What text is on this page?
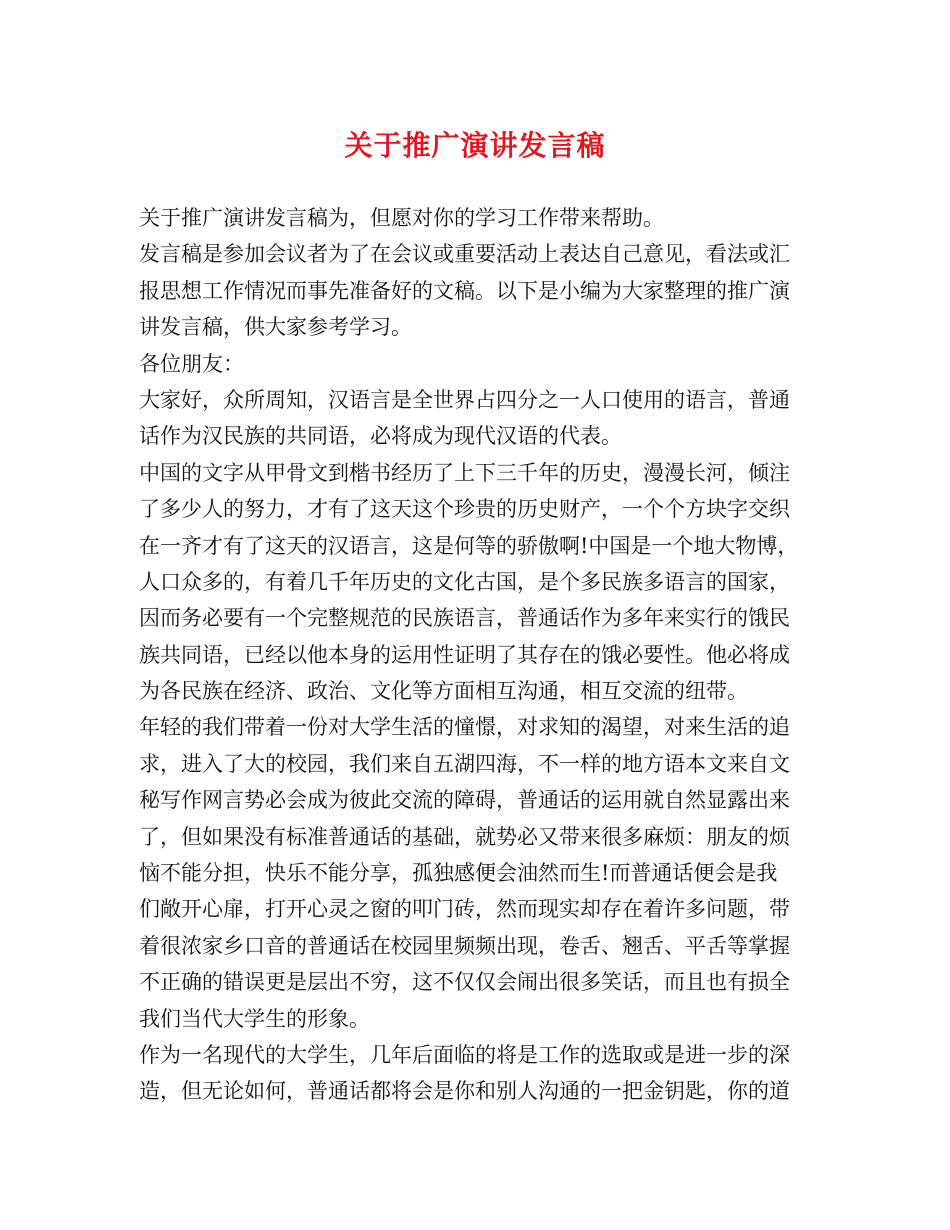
关于推广演讲发言稿
关于推广演讲发言稿为，但愿对你的学习工作带来帮助。
发言稿是参加会议者为了在会议或重要活动上表达自己意见，看法或汇
报思想工作情况而事先准备好的文稿。以下是小编为大家整理的推广演
讲发言稿，供大家参考学习。
各位朋友：
大家好，众所周知，汉语言是全世界占四分之一人口使用的语言，普通
话作为汉民族的共同语，必将成为现代汉语的代表。
中国的文字从甲骨文到楷书经历了上下三千年的历史，漫漫长河，倾注
了多少人的努力，才有了这天这个珍贵的历史财产，一个个方块字交织
在一齐才有了这天的汉语言，这是何等的骄傲啊!中国是一个地大物博，
人口众多的，有着几千年历史的文化古国，是个多民族多语言的国家，
因而务必要有一个完整规范的民族语言，普通话作为多年来实行的饿民
族共同语，已经以他本身的运用性证明了其存在的饿必要性。他必将成
为各民族在经济、政治、文化等方面相互沟通，相互交流的纽带。
年轻的我们带着一份对大学生活的憧憬，对求知的渴望，对来生活的追
求，进入了大的校园，我们来自五湖四海，不一样的地方语本文来自文
秘写作网言势必会成为彼此交流的障碍，普通话的运用就自然显露出来
了，但如果没有标准普通话的基础，就势必又带来很多麻烦：朋友的烦
恼不能分担，快乐不能分享，孤独感便会油然而生!而普通话便会是我
们敞开心扉，打开心灵之窗的叩门砖，然而现实却存在着许多问题，带
着很浓家乡口音的普通话在校园里频频出现，卷舌、翘舌、平舌等掌握
不正确的错误更是层出不穷，这不仅仅会闹出很多笑话，而且也有损全
我们当代大学生的形象。
作为一名现代的大学生，几年后面临的将是工作的选取或是进一步的深
造，但无论如何，普通话都将会是你和别人沟通的一把金钥匙，你的道
